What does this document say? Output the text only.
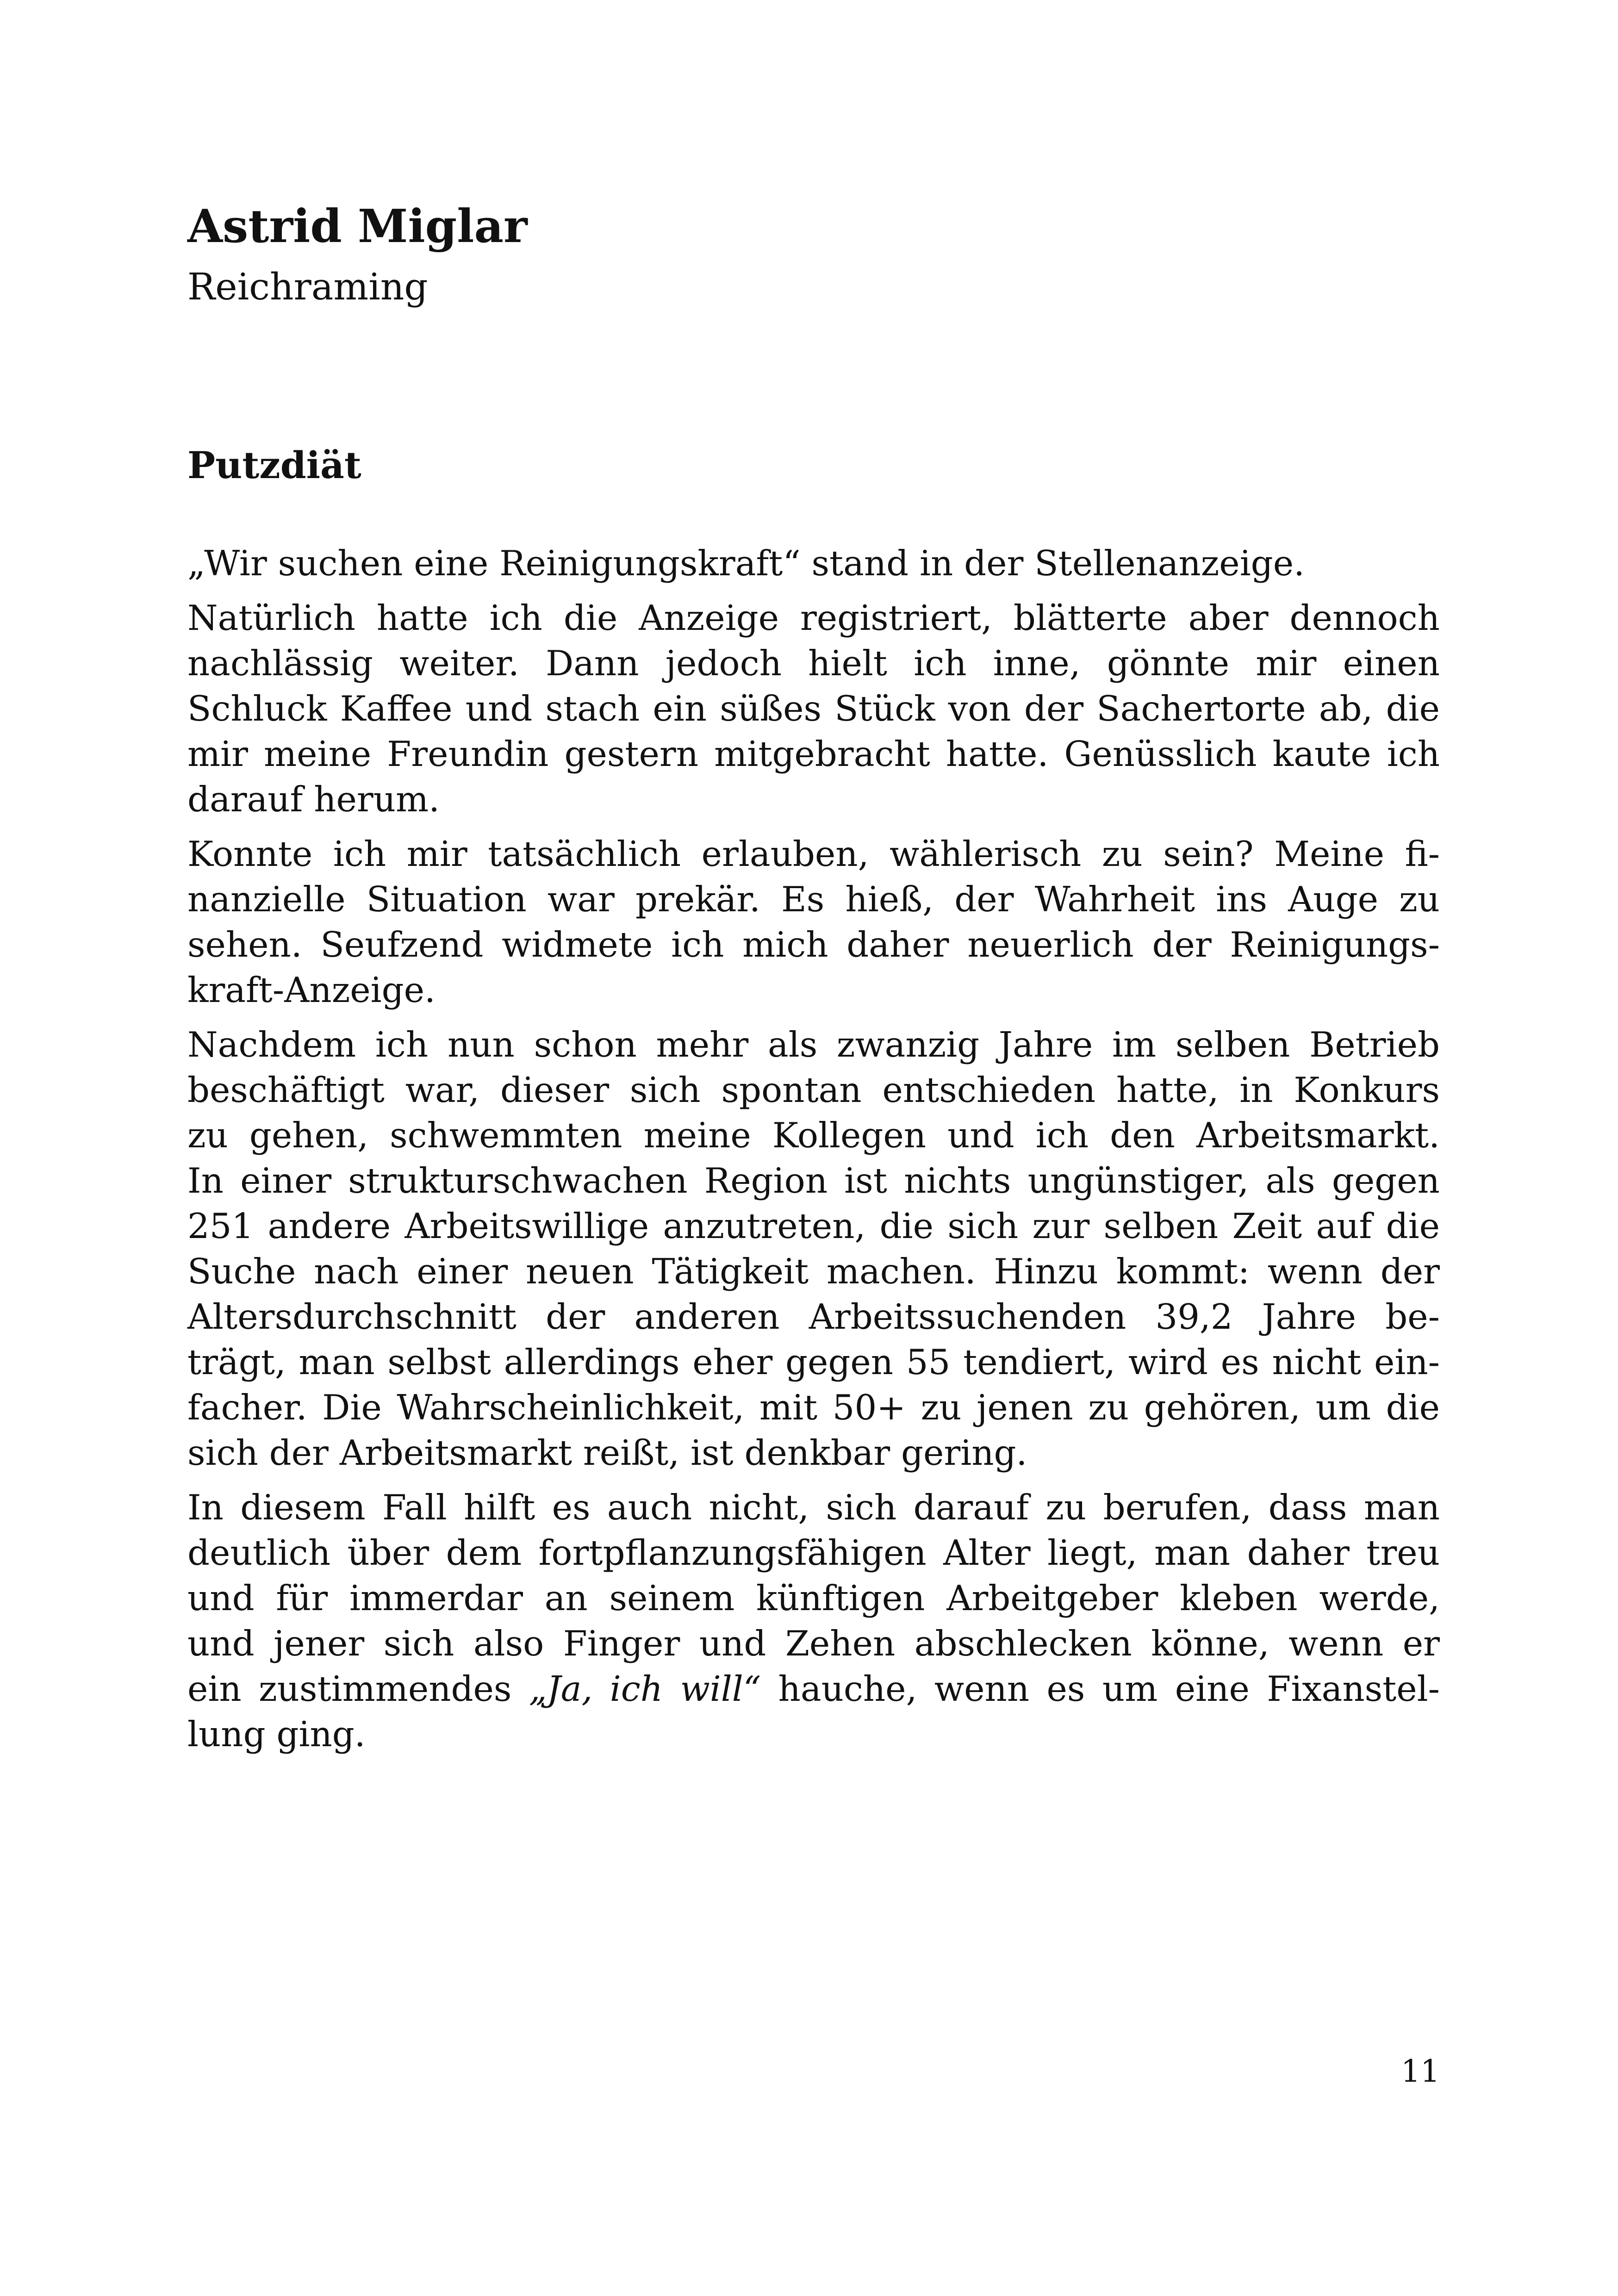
Astrid Miglar
Reichraming
Putzdiät
„Wir suchen eine Reinigungskraft“ stand in der Stellenanzeige.
Natürlich hatte ich die Anzeige registriert, blätterte aber dennoch
nachlässig weiter. Dann jedoch hielt ich inne, gönnte mir einen
Schluck Kaffee und stach ein süßes Stück von der Sachertorte ab, die
mir meine Freundin gestern mitgebracht hatte. Genüsslich kaute ich
darauf herum.
Konnte ich mir tatsächlich erlauben, wählerisch zu sein? Meine fi-
nanzielle Situation war prekär. Es hieß, der Wahrheit ins Auge zu
sehen. Seufzend widmete ich mich daher neuerlich der Reinigungs-
kraft-Anzeige.
Nachdem ich nun schon mehr als zwanzig Jahre im selben Betrieb
beschäftigt war, dieser sich spontan entschieden hatte, in Konkurs
zu gehen, schwemmten meine Kollegen und ich den Arbeitsmarkt.
In einer strukturschwachen Region ist nichts ungünstiger, als gegen
251 andere Arbeitswillige anzutreten, die sich zur selben Zeit auf die
Suche nach einer neuen Tätigkeit machen. Hinzu kommt: wenn der
Altersdurchschnitt der anderen Arbeitssuchenden 39,2 Jahre be-
trägt, man selbst allerdings eher gegen 55 tendiert, wird es nicht ein-
facher. Die Wahrscheinlichkeit, mit 50+ zu jenen zu gehören, um die
sich der Arbeitsmarkt reißt, ist denkbar gering.
In diesem Fall hilft es auch nicht, sich darauf zu berufen, dass man
deutlich über dem fortpflanzungsfähigen Alter liegt, man daher treu
und für immerdar an seinem künftigen Arbeitgeber kleben werde,
und jener sich also Finger und Zehen abschlecken könne, wenn er
ein zustimmendes „Ja, ich will“ hauche, wenn es um eine Fixanstel-
lung ging.
11
